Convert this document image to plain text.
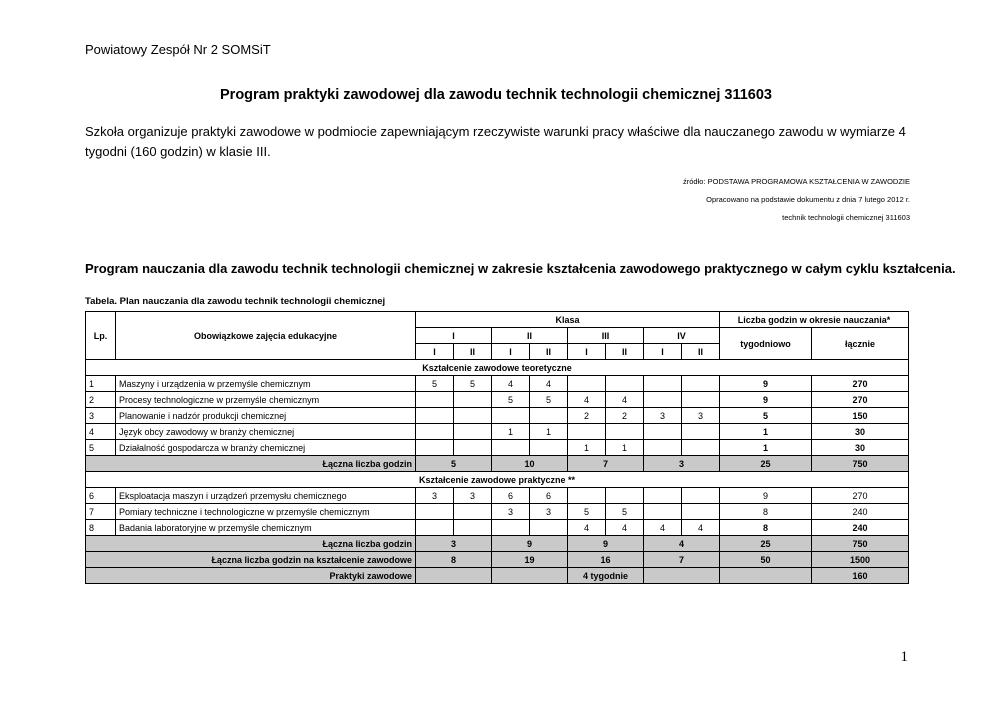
Powiatowy Zespół Nr 2 SOMSiT
Program praktyki zawodowej dla zawodu technik technologii chemicznej 311603
Szkoła organizuje praktyki zawodowe w podmiocie zapewniającym rzeczywiste warunki pracy właściwe dla nauczanego zawodu w wymiarze 4 tygodni (160 godzin) w klasie III.
źródło: PODSTAWA PROGRAMOWA KSZTAŁCENIA W ZAWODZIE
Opracowano na podstawie dokumentu z dnia 7 lutego 2012 r.
technik technologii chemicznej 311603
Program nauczania dla zawodu technik technologii chemicznej w zakresie kształcenia zawodowego praktycznego w całym cyklu kształcenia.
Tabela. Plan nauczania dla zawodu technik technologii chemicznej
Lp.	Obowiązkowe zajęcia edukacyjne	Klasa								Liczba godzin w okresie nauczania*	
		I		II		III		IV		tygodniowo	łącznie
		I	II	I	II	I	II	I	II		
Kształcenie zawodowe teoretyczne											
1	Maszyny i urządzenia w przemyśle chemicznym	5	5	4	4					9	270
2	Procesy technologiczne w przemyśle chemicznym			5	5	4	4			9	270
3	Planowanie i nadzór produkcji chemicznej					2	2	3	3	5	150
4	Język obcy zawodowy w branży chemicznej			1	1					1	30
5	Działalność gospodarcza w branży chemicznej					1	1			1	30
Łączna liczba godzin		5		10		7		3		25	750
Kształcenie zawodowe praktyczne **											
6	Eksploatacja maszyn i urządzeń przemysłu chemicznego	3	3	6	6					9	270
7	Pomiary techniczne i technologiczne w przemyśle chemicznym			3	3	5	5			8	240
8	Badania laboratoryjne w przemyśle chemicznym					4	4	4	4	8	240
Łączna liczba godzin		3		9		9		4		25	750
Łączna liczba godzin na kształcenie zawodowe		8		19		16		7		50	1500
Praktyki zawodowe						4 tygodnie					160
1
